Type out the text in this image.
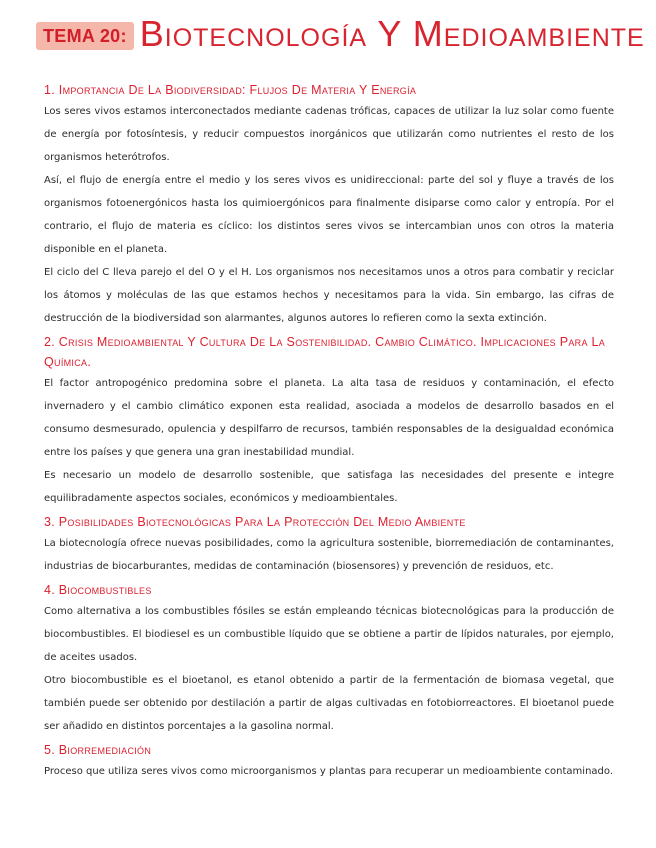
TEMA 20: Biotecnología Y Medioambiente

1. Importancia De La Biodiversidad: Flujos De Materia Y Energía

Los seres vivos estamos interconectados mediante cadenas tróficas, capaces de utilizar la luz solar como fuente de energía por fotosíntesis, y reducir compuestos inorgánicos que utilizarán como nutrientes el resto de los organismos heterótrofos.

Así, el flujo de energía entre el medio y los seres vivos es unidireccional: parte del sol y fluye a través de los organismos fotoenergónicos hasta los quimioergónicos para finalmente disiparse como calor y entropía. Por el contrario, el flujo de materia es cíclico: los distintos seres vivos se intercambian unos con otros la materia disponible en el planeta.

El ciclo del C lleva parejo el del O y el H. Los organismos nos necesitamos unos a otros para combatir y reciclar los átomos y moléculas de las que estamos hechos y necesitamos para la vida. Sin embargo, las cifras de destrucción de la biodiversidad son alarmantes, algunos autores lo refieren como la sexta extinción.

2. Crisis Medioambiental Y Cultura De La Sostenibilidad. Cambio Climático. Implicaciones Para La Química.

El factor antropogénico predomina sobre el planeta. La alta tasa de residuos y contaminación, el efecto invernadero y el cambio climático exponen esta realidad, asociada a modelos de desarrollo basados en el consumo desmesurado, opulencia y despilfarro de recursos, también responsables de la desigualdad económica entre los países y que genera una gran inestabilidad mundial.

Es necesario un modelo de desarrollo sostenible, que satisfaga las necesidades del presente e integre equilibradamente aspectos sociales, económicos y medioambientales.

3. Posibilidades Biotecnológicas Para La Protección Del Medio Ambiente

La biotecnología ofrece nuevas posibilidades, como la agricultura sostenible, biorremediación de contaminantes, industrias de biocarburantes, medidas de contaminación (biosensores) y prevención de residuos, etc.

4. Biocombustibles

Como alternativa a los combustibles fósiles se están empleando técnicas biotecnológicas para la producción de biocombustibles. El biodiesel es un combustible líquido que se obtiene a partir de lípidos naturales, por ejemplo, de aceites usados.

Otro biocombustible es el bioetanol, es etanol obtenido a partir de la fermentación de biomasa vegetal, que también puede ser obtenido por destilación a partir de algas cultivadas en fotobiorreactores. El bioetanol puede ser añadido en distintos porcentajes a la gasolina normal.

5. Biorremediación

Proceso que utiliza seres vivos como microorganismos y plantas para recuperar un medioambiente contaminado.
